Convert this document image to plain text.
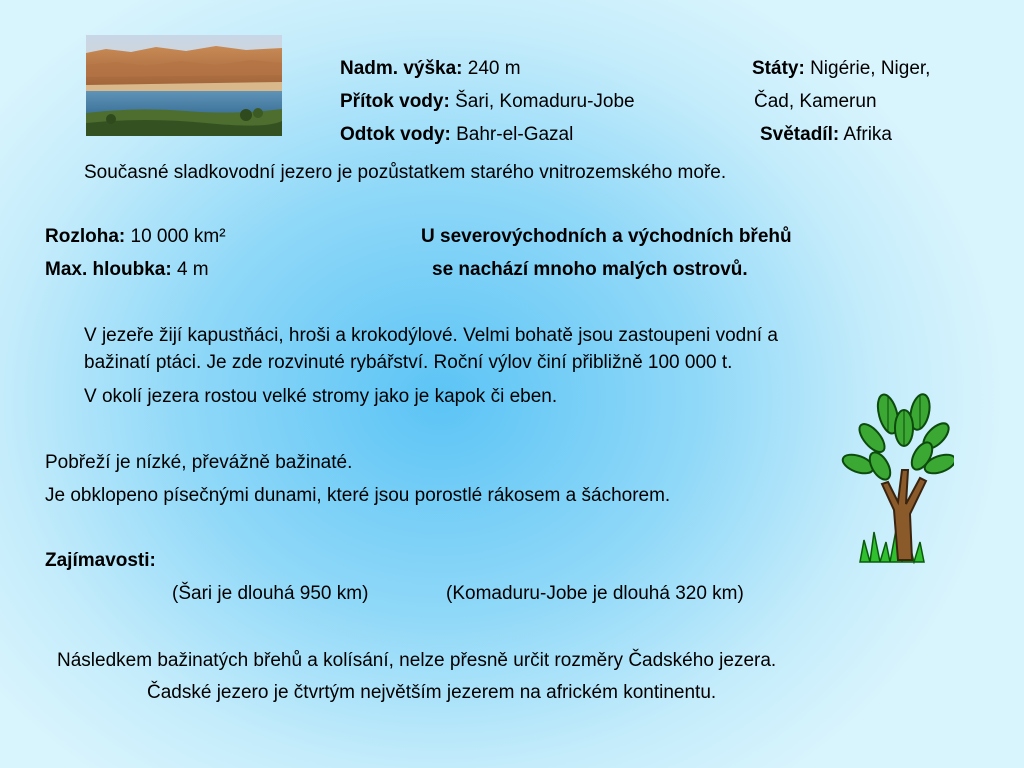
Nadm. výška: 240 m

Přítok vody: Šari, Komaduru-Jobe

Odtok vody: Bahr-el-Gazal

Státy: Nigérie, Niger,

Čad, Kamerun

Světadíl: Afrika

Současné sladkovodní jezero je pozůstatkem starého vnitrozemského moře.

Rozloha: 10 000 km²

Max. hloubka: 4 m

U severovýchodních a východních břehů

se nachází mnoho malých ostrovů.

V jezeře žijí kapustňáci, hroši a krokodýlové. Velmi bohatě jsou zastoupeni vodní a

bažinatí ptáci. Je zde rozvinuté rybářství. Roční výlov činí přibližně 100 000 t.

V okolí jezera rostou velké stromy jako je kapok či eben.

Pobřeží je nízké, převážně bažinaté.

Je obklopeno písečnými dunami, které jsou porostlé rákosem a šáchorem.

Zajímavosti:

(Šari je dlouhá 950 km)	(Komaduru-Jobe je dlouhá 320 km)

Následkem bažinatých břehů a kolísání, nelze přesně určit rozměry Čadského jezera.

Čadské jezero je čtvrtým největším jezerem na africkém kontinentu.
